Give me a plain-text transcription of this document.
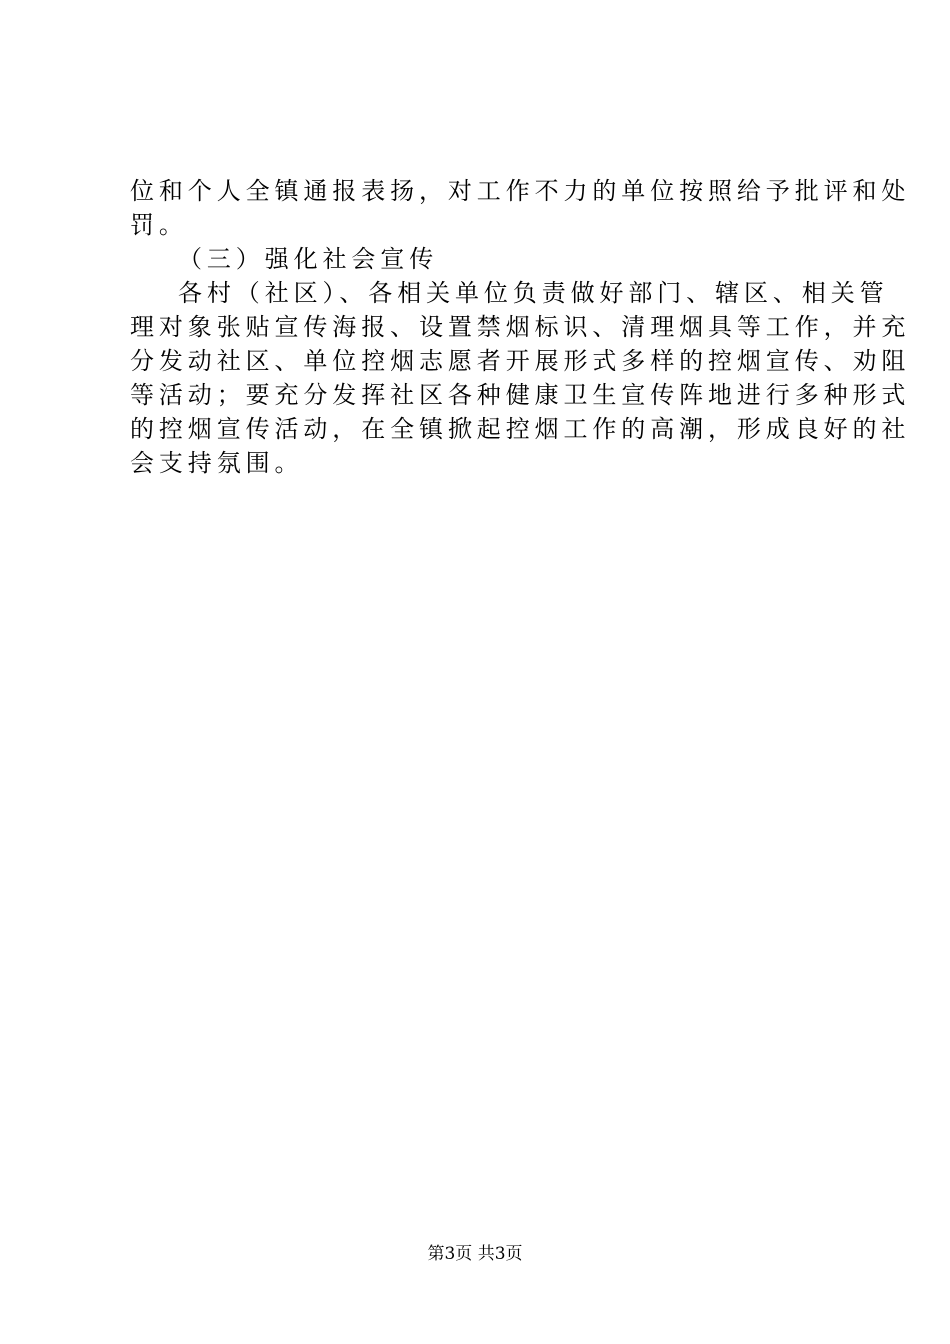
位和个人全镇通报表扬，对工作不力的单位按照给予批评和处
罚。
（三）强化社会宣传
各村（社区）、各相关单位负责做好部门、辖区、相关管
理对象张贴宣传海报、设置禁烟标识、清理烟具等工作，并充
分发动社区、单位控烟志愿者开展形式多样的控烟宣传、劝阻
等活动；要充分发挥社区各种健康卫生宣传阵地进行多种形式
的控烟宣传活动，在全镇掀起控烟工作的高潮，形成良好的社
会支持氛围。
第3页 共3页
